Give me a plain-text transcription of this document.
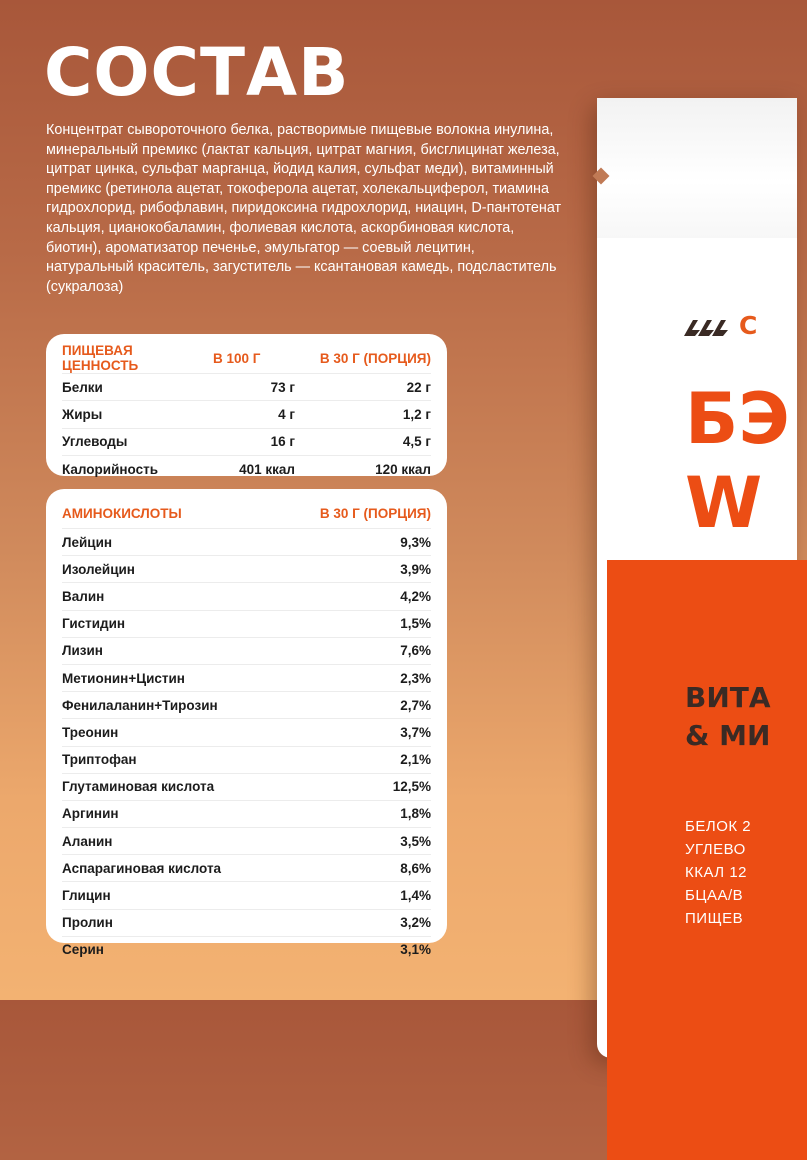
СОСТАВ

Концентрат сывороточного белка, растворимые пищевые волокна инулина, минеральный премикс (лактат кальция, цитрат магния, бисглицинат железа, цитрат цинка, сульфат марганца, йодид калия, сульфат меди), витаминный премикс (ретинола ацетат, токоферола ацетат, холекальциферол, тиамина гидрохлорид, рибофлавин, пиридоксина гидрохлорид, ниацин, D-пантотенат кальция, цианокобаламин, фолиевая кислота, аскорбиновая кислота, биотин), ароматизатор печенье, эмульгатор — соевый лецитин, натуральный краситель, загуститель — ксантановая камедь, подсластитель (сукралоза)

ПИЩЕВАЯ ЦЕННОСТЬ	В 100 Г	В 30 Г (ПОРЦИЯ)
Белки	73 г	22 г
Жиры	4 г	1,2 г
Углеводы	16 г	4,5 г
Калорийность	401 ккал	120 ккал
АМИНОКИСЛОТЫ	В 30 Г (ПОРЦИЯ)
Лейцин	9,3%
Изолейцин	3,9%
Валин	4,2%
Гистидин	1,5%
Лизин	7,6%
Метионин+Цистин	2,3%
Фенилаланин+Тирозин	2,7%
Треонин	3,7%
Триптофан	2,1%
Глутаминовая кислота	12,5%
Аргинин	1,8%
Аланин	3,5%
Аспарагиновая кислота	8,6%
Глицин	1,4%
Пролин	3,2%
Серин	3,1%
C
БЭ
W
ВИТА
& МИ
БЕЛОК 2
УГЛЕВО
ККАЛ 12
БЦАА/В
ПИЩЕВ
